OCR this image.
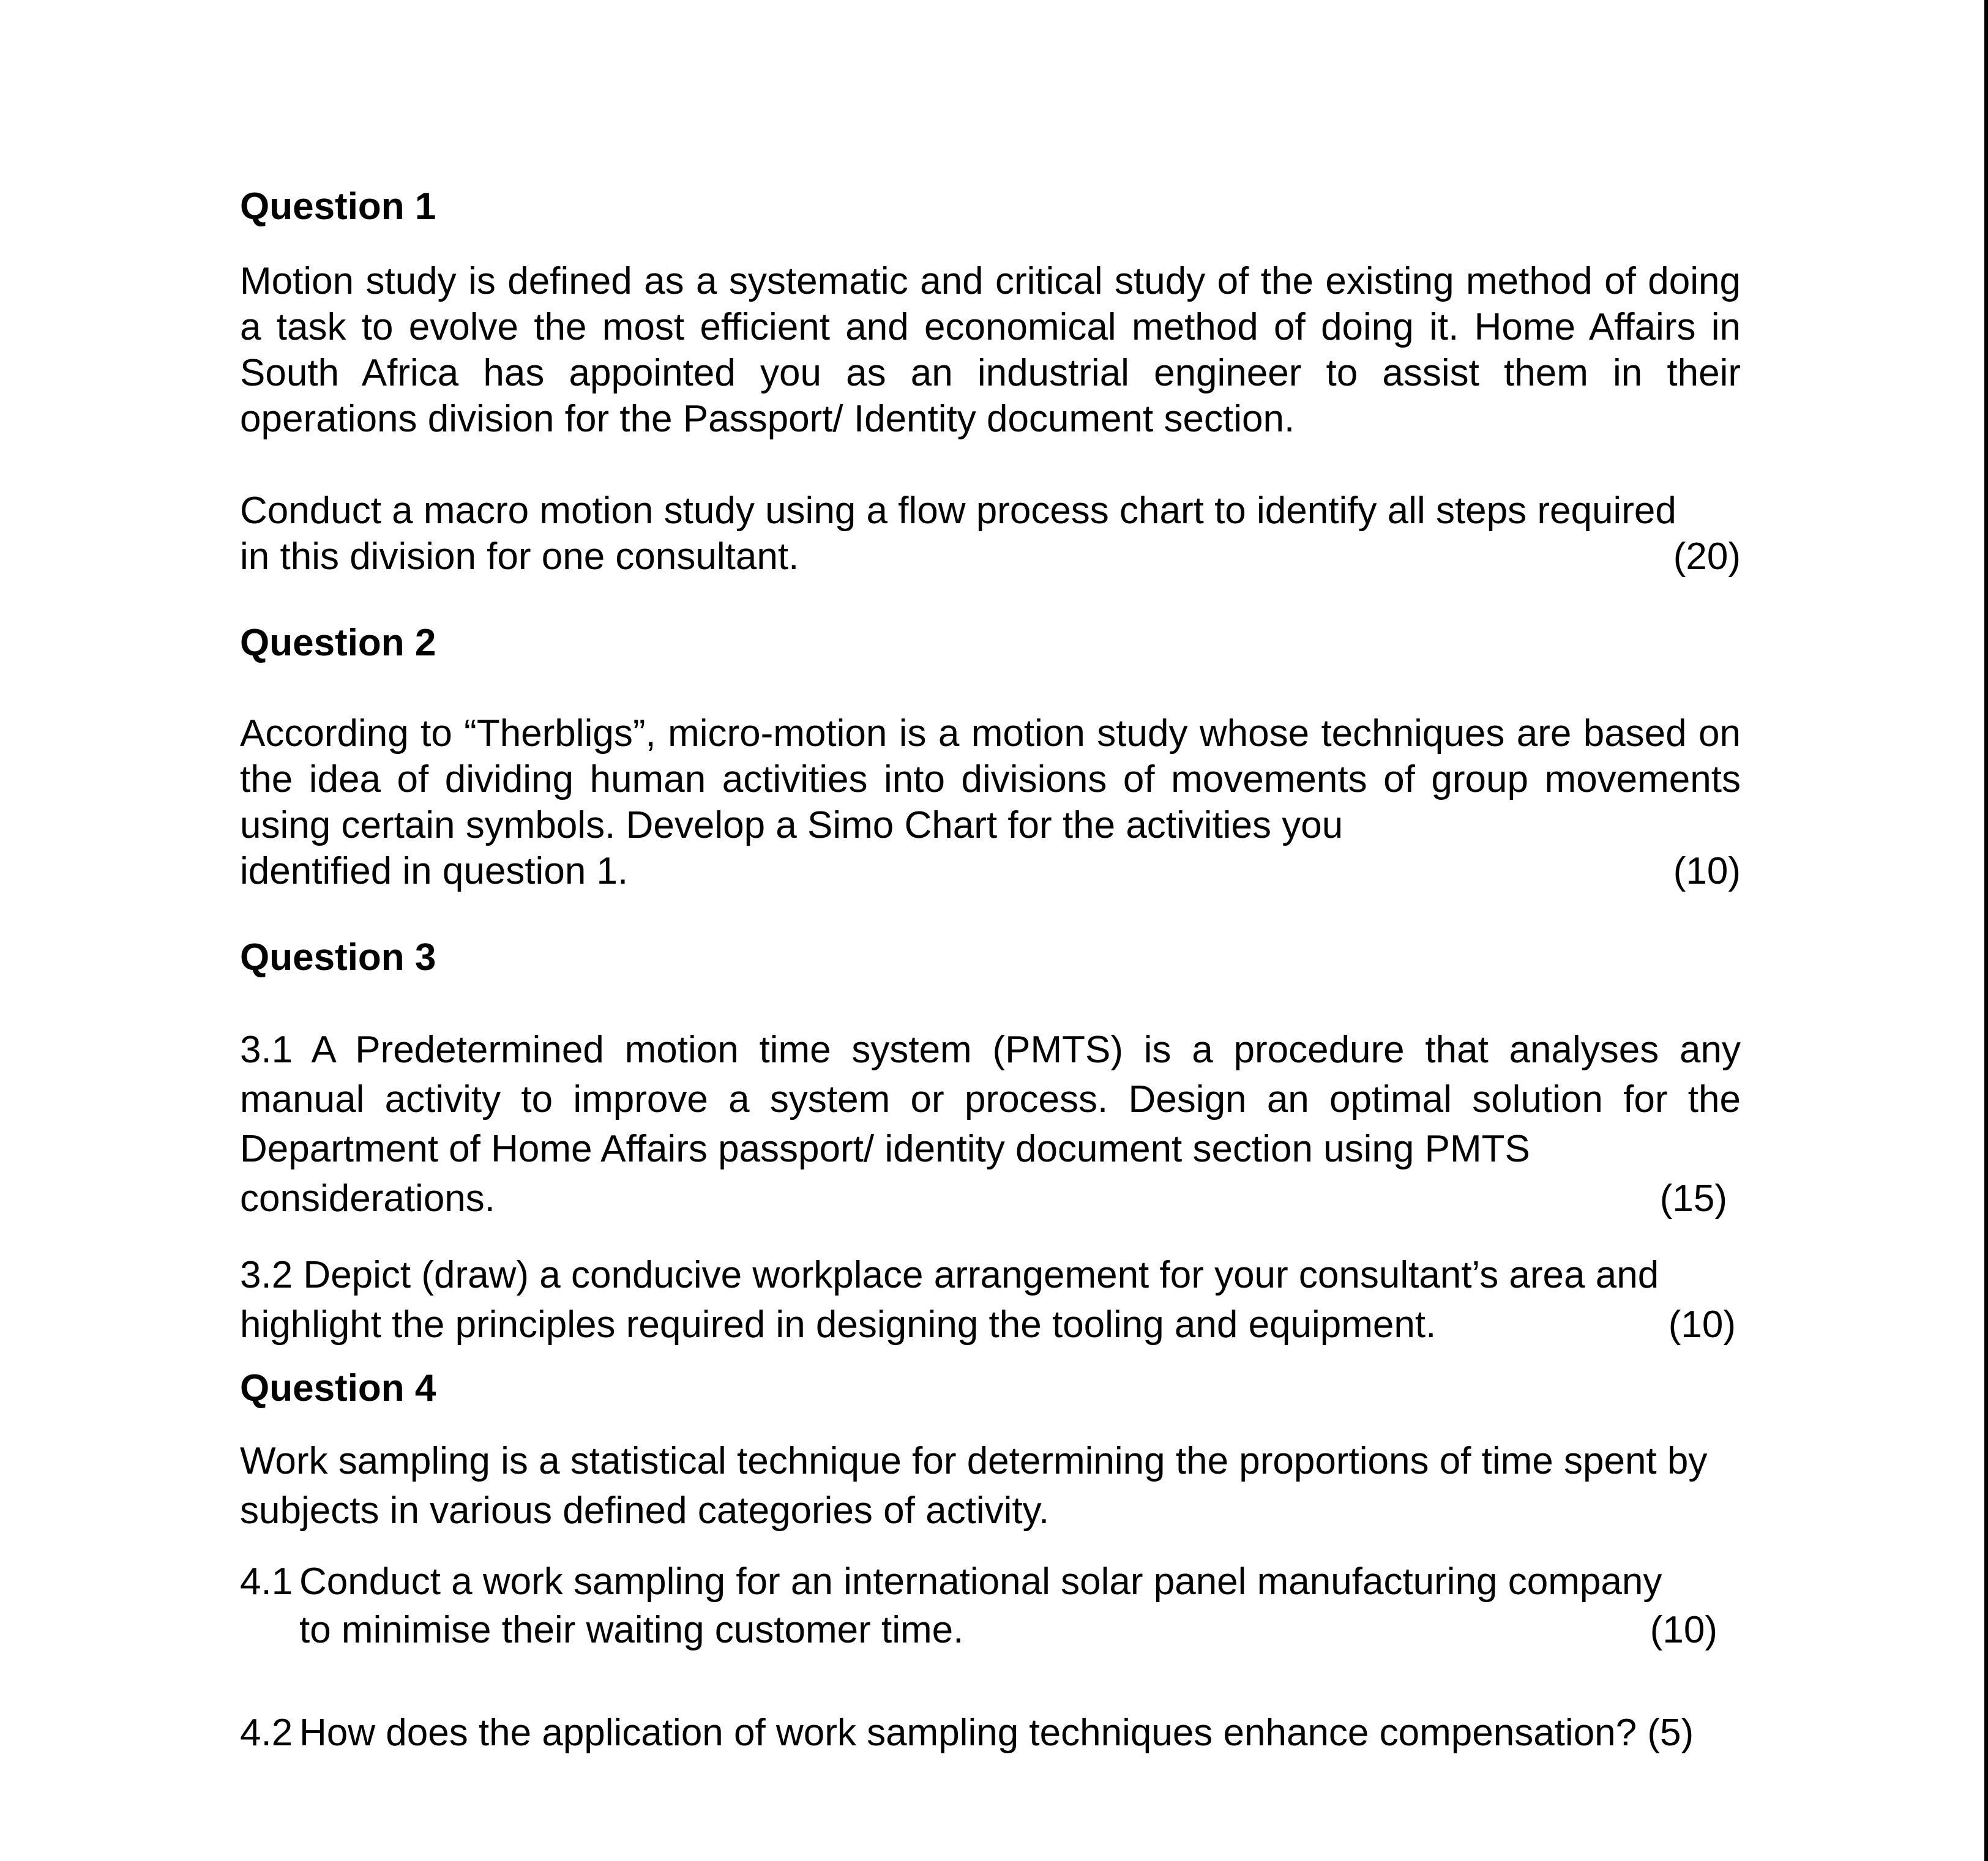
Question 1

Motion study is defined as a systematic and critical study of the existing method of doing a task to evolve the most efficient and economical method of doing it. Home Affairs in South Africa has appointed you as an industrial engineer to assist them in their operations division for the Passport/ Identity document section.

Conduct a macro motion study using a flow process chart to identify all steps required

in this division for one consultant.	(20)
Question 2

According to “Therbligs”, micro-motion is a motion study whose techniques are based on the idea of dividing human activities into divisions of movements of group movements using certain symbols. Develop a Simo Chart for the activities you

identified in question 1.	(10)
Question 3

3.1 A Predetermined motion time system (PMTS) is a procedure that analyses any manual activity to improve a system or process. Design an optimal solution for the Department of Home Affairs passport/ identity document section using PMTS

considerations.	(15)

3.2 Depict (draw) a conducive workplace arrangement for your consultant’s area and

highlight the principles required in designing the tooling and equipment.	(10)
Question 4

Work sampling is a statistical technique for determining the proportions of time spent by subjects in various defined categories of activity.

4.1 Conduct a work sampling for an international solar panel manufacturing company
to minimise their waiting customer time.	(10)
4.2 How does the application of work sampling techniques enhance compensation? (5)
